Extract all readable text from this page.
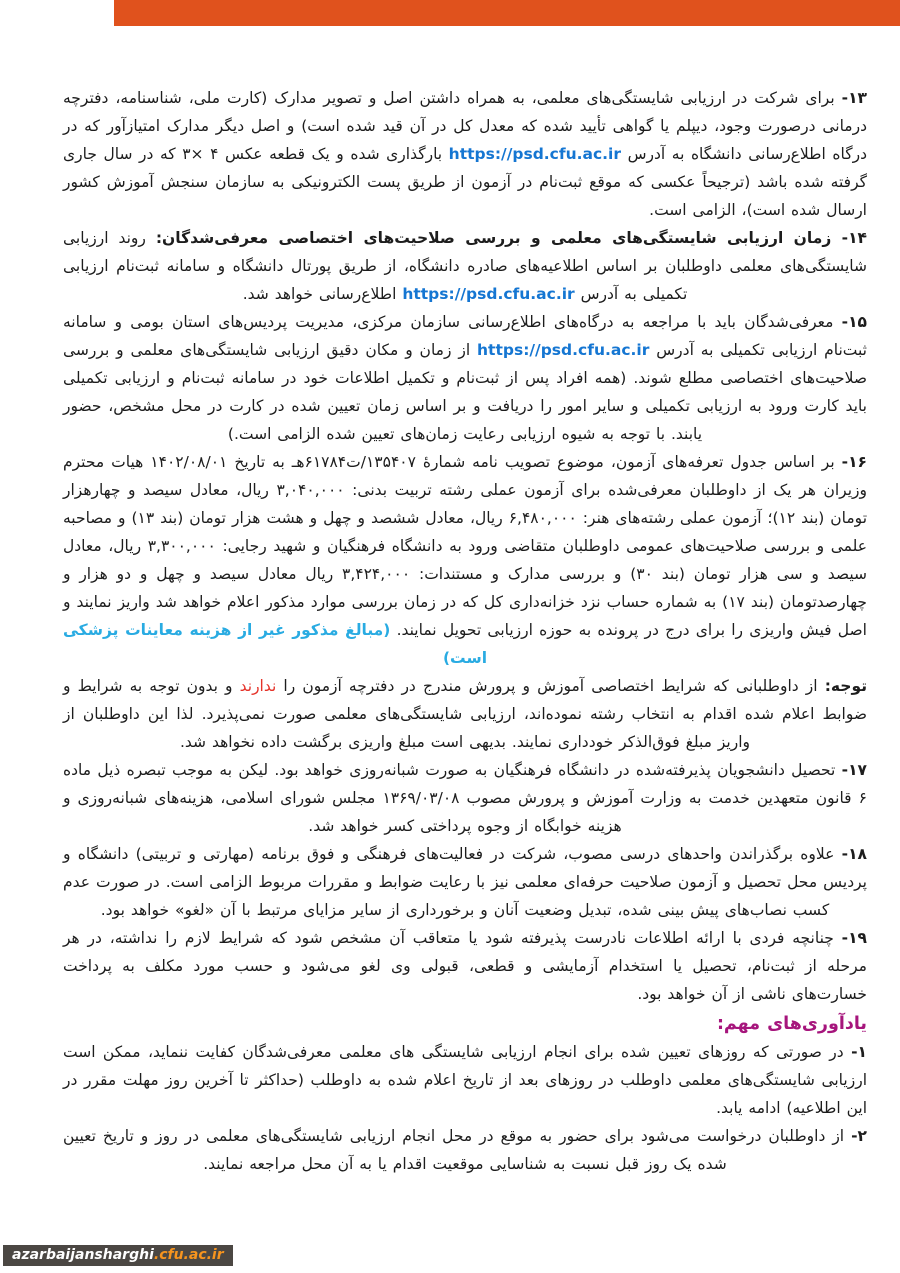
۱۳- برای شرکت در ارزیابی شایستگی‌های معلمی، به همراه داشتن اصل و تصویر مدارک (کارت ملی، شناسنامه، دفترچه درمانی درصورت وجود، دیپلم یا گواهی تأیید شده که معدل کل در آن قید شده است) و اصل دیگر مدارک امتیازآور که در درگاه اطلاع‌رسانی دانشگاه به آدرس https://psd.cfu.ac.ir بارگذاری شده و یک قطعه عکس ۴ ×۳ که در سال جاری گرفته شده باشد (ترجیحاً عکسی که موقع ثبت‌نام در آزمون از طریق پست الکترونیکی به سازمان سنجش آموزش کشور ارسال شده است)، الزامی است.

۱۴- زمان ارزیابی شایستگی‌های معلمی و بررسی صلاحیت‌های اختصاصی معرفی‌شدگان: روند ارزیابی شایستگی‌های معلمی داوطلبان بر اساس اطلاعیه‌های صادره دانشگاه، از طریق پورتال دانشگاه و سامانه ثبت‌نام ارزیابی تکمیلی به آدرس https://psd.cfu.ac.ir اطلاع‌رسانی خواهد شد.

۱۵- معرفی‌شدگان باید با مراجعه به درگاه‌های اطلاع‌رسانی سازمان مرکزی، مدیریت پردیس‌های استان بومی و سامانه ثبت‌نام ارزیابی تکمیلی به آدرس https://psd.cfu.ac.ir از زمان و مکان دقیق ارزیابی شایستگی‌های معلمی و بررسی صلاحیت‌های اختصاصی مطلع شوند. (همه افراد پس از ثبت‌نام و تکمیل اطلاعات خود در سامانه ثبت‌نام و ارزیابی تکمیلی باید کارت ورود به ارزیابی تکمیلی و سایر امور را دریافت و بر اساس زمان تعیین شده در کارت در محل مشخص، حضور یابند. با توجه به شیوه ارزیابی رعایت زمان‌های تعیین شده الزامی است.)

۱۶- بر اساس جدول تعرفه‌های آزمون، موضوع تصویب نامه شمارۀ ۱۳۵۴۰۷/ت۶۱۷۸۴هـ به تاریخ ۱۴۰۲/۰۸/۰۱ هیات محترم وزیران هر یک از داوطلبان معرفی‌شده برای آزمون عملی رشته تربیت بدنی: ۳,۰۴۰,۰۰۰ ریال، معادل سیصد و چهارهزار تومان (بند ۱۲)؛ آزمون عملی رشته‌های هنر: ۶,۴۸۰,۰۰۰ ریال، معادل ششصد و چهل و هشت هزار تومان (بند ۱۳) و مصاحبه علمی و بررسی صلاحیت‌های عمومی داوطلبان متقاضی ورود به دانشگاه فرهنگیان و شهید رجایی: ۳,۳۰۰,۰۰۰ ریال، معادل سیصد و سی هزار تومان (بند ۳۰) و بررسی مدارک و مستندات: ۳,۴۲۴,۰۰۰ ریال معادل سیصد و چهل و دو هزار و چهارصدتومان (بند ۱۷) به شماره حساب نزد خزانه‌داری کل که در زمان بررسی موارد مذکور اعلام خواهد شد واریز نمایند و اصل فیش واریزی را برای درج در پرونده به حوزه ارزیابی تحویل نمایند. (مبالغ مذکور غیر از هزینه معاینات پزشکی است)

توجه: از داوطلبانی که شرایط اختصاصی آموزش و پرورش مندرج در دفترچه آزمون را ندارند و بدون توجه به شرایط و ضوابط اعلام شده اقدام به انتخاب رشته نموده‌اند، ارزیابی شایستگی‌های معلمی صورت نمی‌پذیرد. لذا این داوطلبان از واریز مبلغ فوق‌الذکر خودداری نمایند. بدیهی است مبلغ واریزی برگشت داده نخواهد شد.

۱۷- تحصیل دانشجویان پذیرفته‌شده در دانشگاه فرهنگیان به صورت شبانه‌روزی خواهد بود. لیکن به موجب تبصره ذیل ماده ۶ قانون متعهدین خدمت به وزارت آموزش و پرورش مصوب ۱۳۶۹/۰۳/۰۸ مجلس شورای اسلامی، هزینه‌های شبانه‌روزی و هزینه خوابگاه از وجوه پرداختی کسر خواهد شد.

۱۸- علاوه برگذراندن واحدهای درسی مصوب، شرکت در فعالیت‌های فرهنگی و فوق برنامه (مهارتی و تربیتی) دانشگاه و پردیس محل تحصیل و آزمون صلاحیت حرفه‌ای معلمی نیز با رعایت ضوابط و مقررات مربوط الزامی است. در صورت عدم کسب نصاب‌های پیش بینی شده، تبدیل وضعیت آنان و برخورداری از سایر مزایای مرتبط با آن «لغو» خواهد بود.

۱۹- چنانچه فردی با ارائه اطلاعات نادرست پذیرفته شود یا متعاقب آن مشخص شود که شرایط لازم را نداشته، در هر مرحله از ثبت‌نام، تحصیل یا استخدام آزمایشی و قطعی، قبولی وی لغو می‌شود و حسب مورد مکلف به پرداخت خسارت‌های ناشی از آن خواهد بود.

یادآوری‌های مهم:

۱- در صورتی که روزهای تعیین شده برای انجام ارزیابی شایستگی های معلمی معرفی‌شدگان کفایت ننماید، ممکن است ارزیابی شایستگی‌های معلمی داوطلب در روزهای بعد از تاریخ اعلام شده به داوطلب (حداکثر تا آخرین روز مهلت مقرر در این اطلاعیه) ادامه یابد.

۲- از داوطلبان درخواست می‌شود برای حضور به موقع در محل انجام ارزیابی شایستگی‌های معلمی در روز و تاریخ تعیین شده یک روز قبل نسبت به شناسایی موقعیت اقدام یا به آن محل مراجعه نمایند.

azarbaijansharghi.cfu.ac.ir
